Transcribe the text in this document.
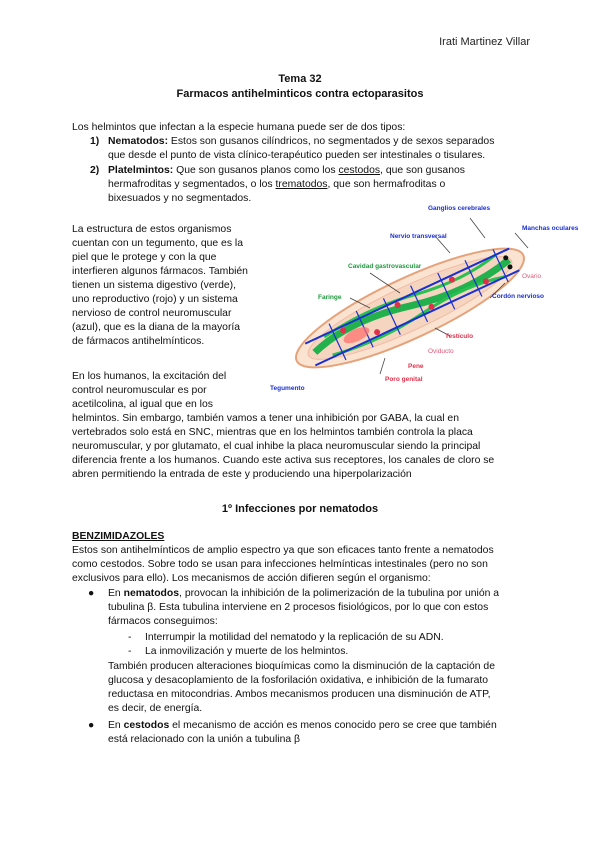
Irati Martinez Villar
Tema 32
Farmacos antihelminticos contra ectoparasitos
Los helmintos que infectan a la especie humana puede ser de dos tipos:
1) Nematodos: Estos son gusanos cilíndricos, no segmentados y de sexos separados
que desde el punto de vista clínico-terapéutico pueden ser intestinales o tisulares.
2) Platelmintos: Que son gusanos planos como los cestodos, que son gusanos
hermafroditas y segmentados, o los trematodos, que son hermafroditas o
bixesuados y no segmentados.
La estructura de estos organismos
cuentan con un tegumento, que es la
piel que le protege y con la que
interfieren algunos fármacos. También
tienen un sistema digestivo (verde),
uno reproductivo (rojo) y un sistema
nervioso de control neuromuscular
(azul), que es la diana de la mayoría
de fármacos antihelmínticos.
En los humanos, la excitación del
control neuromuscular es por
acetilcolina, al igual que en los
Ganglios cerebrales
Nervio transversal
Manchas oculares
Cavidad gastrovascular
Ovario
Cordón nervioso
Faringe
Testículo
Oviducto
Pene
Poro genital
Tegumento
helmintos. Sin embargo, también vamos a tener una inhibición por GABA, la cual en
vertebrados solo está en SNC, mientras que en los helmintos también controla la placa
neuromuscular, y por glutamato, el cual inhibe la placa neuromuscular siendo la principal
diferencia frente a los humanos. Cuando este activa sus receptores, los canales de cloro se
abren permitiendo la entrada de este y produciendo una hiperpolarización
1º Infecciones por nematodos
BENZIMIDAZOLES
Estos son antihelmínticos de amplio espectro ya que son eficaces tanto frente a nematodos
como cestodos. Sobre todo se usan para infecciones helmínticas intestinales (pero no son
exclusivos para ello). Los mecanismos de acción difieren según el organismo:
● En nematodos, provocan la inhibición de la polimerización de la tubulina por unión a
tubulina β. Esta tubulina interviene en 2 procesos fisiológicos, por lo que con estos
fármacos conseguimos:
- Interrumpir la motilidad del nematodo y la replicación de su ADN.
- La inmovilización y muerte de los helmintos.
También producen alteraciones bioquímicas como la disminución de la captación de
glucosa y desacoplamiento de la fosforilación oxidativa, e inhibición de la fumarato
reductasa en mitocondrias. Ambos mecanismos producen una disminución de ATP,
es decir, de energía.
● En cestodos el mecanismo de acción es menos conocido pero se cree que también
está relacionado con la unión a tubulina β
